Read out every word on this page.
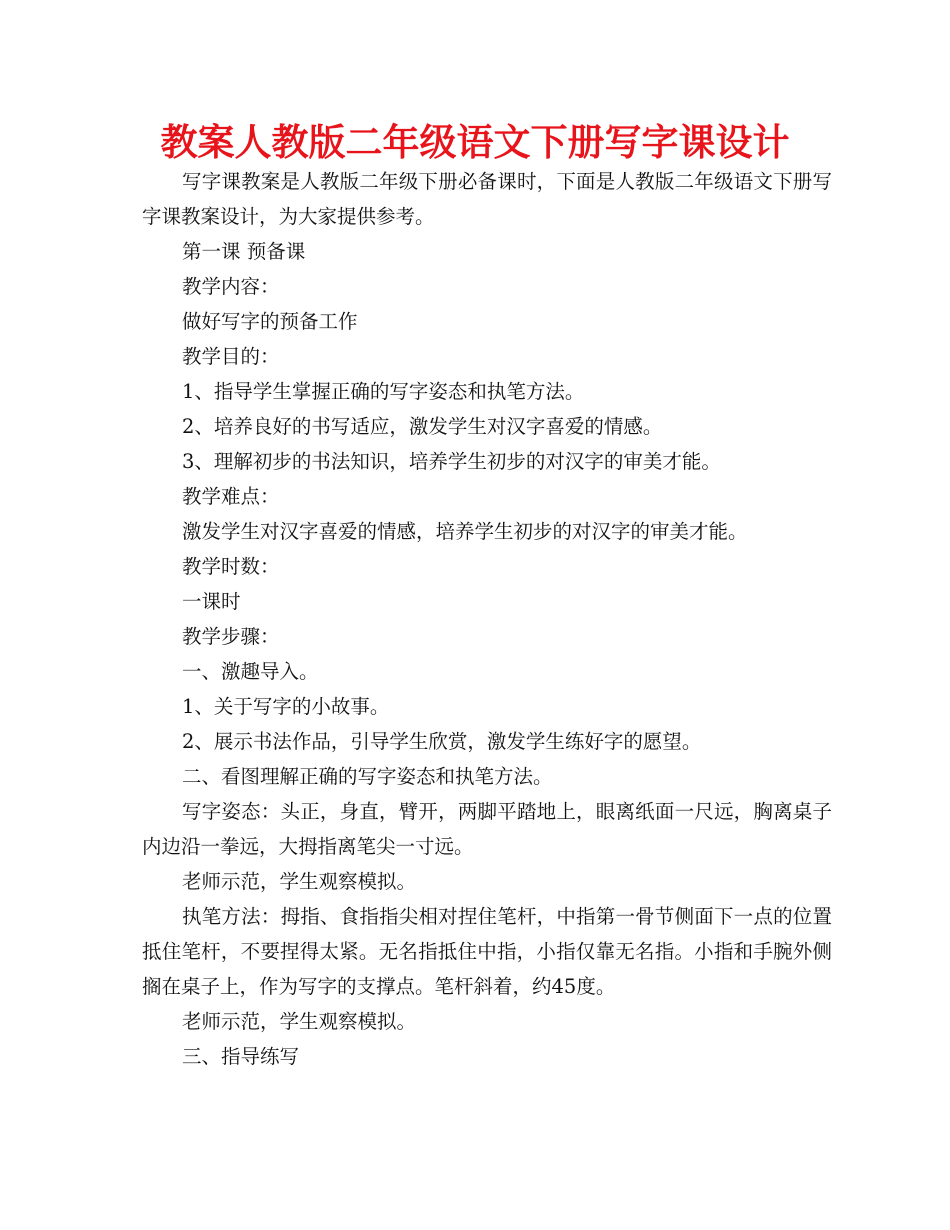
教案人教版二年级语文下册写字课设计

写字课教案是人教版二年级下册必备课时，下面是人教版二年级语文下册写字课教案设计，为大家提供参考。

第一课 预备课

教学内容：

做好写字的预备工作

教学目的：

1、指导学生掌握正确的写字姿态和执笔方法。

2、培养良好的书写适应，激发学生对汉字喜爱的情感。

3、理解初步的书法知识，培养学生初步的对汉字的审美才能。

教学难点：

激发学生对汉字喜爱的情感，培养学生初步的对汉字的审美才能。

教学时数：

一课时

教学步骤：

一、激趣导入。

1、关于写字的小故事。

2、展示书法作品，引导学生欣赏，激发学生练好字的愿望。

二、看图理解正确的写字姿态和执笔方法。

写字姿态：头正，身直，臂开，两脚平踏地上，眼离纸面一尺远，胸离桌子内边沿一拳远，大拇指离笔尖一寸远。

老师示范，学生观察模拟。

执笔方法：拇指、食指指尖相对捏住笔杆，中指第一骨节侧面下一点的位置抵住笔杆，不要捏得太紧。无名指抵住中指，小指仅靠无名指。小指和手腕外侧搁在桌子上，作为写字的支撑点。笔杆斜着，约45度。

老师示范，学生观察模拟。

三、指导练写
